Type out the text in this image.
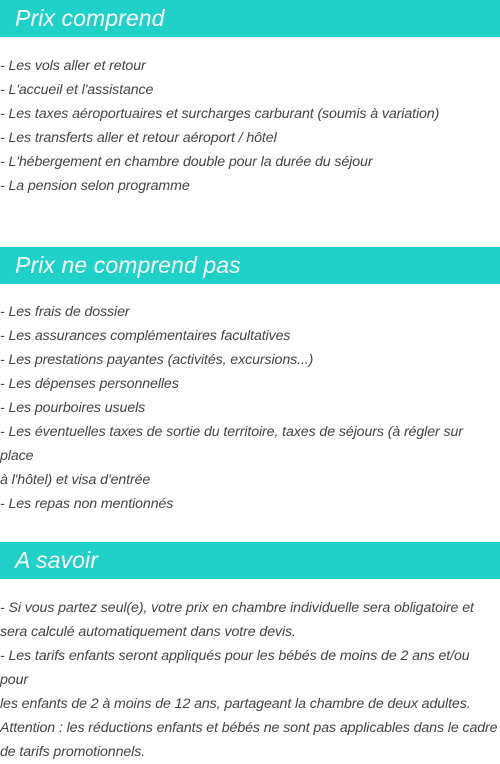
Prix comprend
- Les vols aller et retour
- L'accueil et l'assistance
- Les taxes aéroportuaires et surcharges carburant (soumis à variation)
- Les transferts aller et retour aéroport / hôtel
- L'hébergement en chambre double pour la durée du séjour
- La pension selon programme
Prix ne comprend pas
- Les frais de dossier
- Les assurances complémentaires facultatives
- Les prestations payantes (activités, excursions...)
- Les dépenses personnelles
- Les pourboires usuels
- Les éventuelles taxes de sortie du territoire, taxes de séjours (à régler sur place
à l'hôtel) et visa d'entrée
- Les repas non mentionnés
A savoir
- Si vous partez seul(e), votre prix en chambre individuelle sera obligatoire et
sera calculé automatiquement dans votre devis.
- Les tarifs enfants seront appliqués pour les bébés de moins de 2 ans et/ou pour
les enfants de 2 à moins de 12 ans, partageant la chambre de deux adultes.
Attention : les réductions enfants et bébés ne sont pas applicables dans le cadre
de tarifs promotionnels.
